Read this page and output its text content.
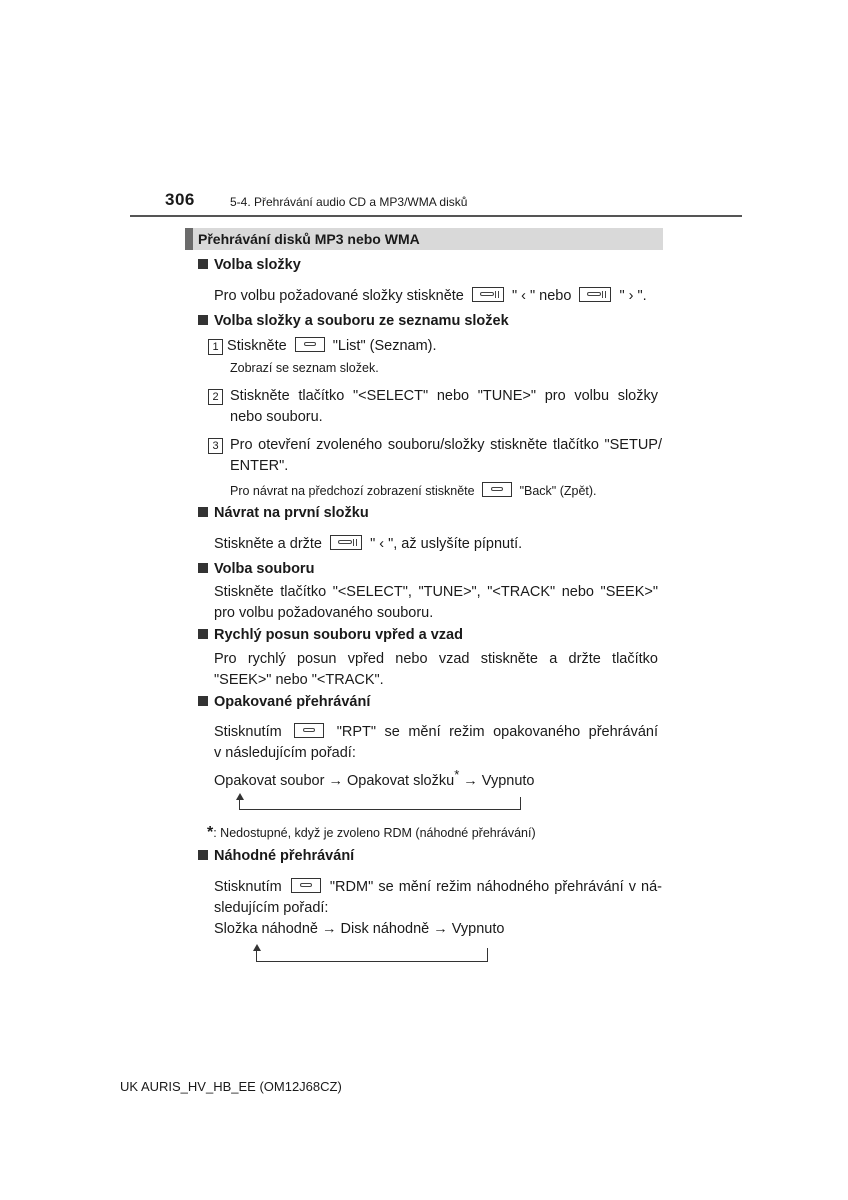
306	5-4. Přehrávání audio CD a MP3/WMA disků
Přehrávání disků MP3 nebo WMA
Volba složky
Pro volbu požadované složky stiskněte	" ‹ " nebo	" › ".
Volba složky a souboru ze seznamu složek
1 Stiskněte	"List" (Seznam).
Zobrazí se seznam složek.
2 Stiskněte tlačítko "<SELECT" nebo "TUNE>" pro volbu složky
nebo souboru.
3 Pro otevření zvoleného souboru/složky stiskněte tlačítko "SETUP/
ENTER".
Pro návrat na předchozí zobrazení stiskněte	"Back" (Zpět).
Návrat na první složku
Stiskněte a držte	" ‹ ", až uslyšíte pípnutí.
Volba souboru
Stiskněte tlačítko "<SELECT", "TUNE>", "<TRACK" nebo "SEEK>"
pro volbu požadovaného souboru.
Rychlý posun souboru vpřed a vzad
Pro rychlý posun vpřed nebo vzad stiskněte a držte tlačítko
"SEEK>" nebo "<TRACK".
Opakované přehrávání
Stisknutím	"RPT" se mění režim opakovaného přehrávání
v následujícím pořadí:
Opakovat soubor → Opakovat složku* → Vypnuto
*: Nedostupné, když je zvoleno RDM (náhodné přehrávání)
Náhodné přehrávání
Stisknutím	"RDM" se mění režim náhodného přehrávání v ná-
sledujícím pořadí:
Složka náhodně → Disk náhodně → Vypnuto
UK AURIS_HV_HB_EE (OM12J68CZ)
